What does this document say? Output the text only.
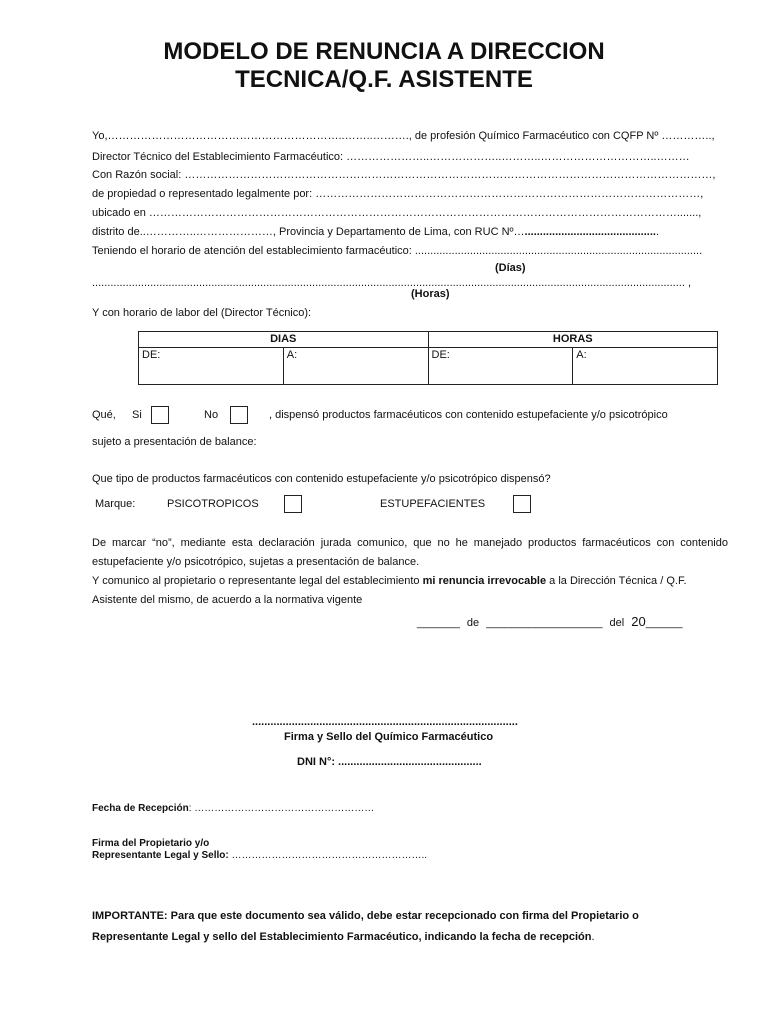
MODELO DE RENUNCIA A DIRECCION
TECNICA/Q.F. ASISTENTE
Yo,………………………………………………………..……..………., de profesión Químico Farmacéutico con CQFP Nº …………..,
Director Técnico del Establecimiento Farmacéutico: …………………..………………..………..…………………………..………
Con Razón social: ………………………………………………………………………………………………………………………………,
de propiedad o representado legalmente por: ……………………………………………………………………………………………,
ubicado en ……………………………………………………………………………………………………………………………….......,
distrito de..…………..…………………, Provincia y Departamento de Lima, con RUC Nº…............................................
Teniendo el horario de atención del establecimiento farmacéutico: ..............................................................................................
(Días)
.................................................................................................................................................................................................. ,
(Horas)
Y con horario de labor del (Director Técnico):
DIAS		HORAS	
DE:	A:	DE:	A:
Qué, Si	No	, dispensó productos farmacéuticos con contenido estupefaciente y/o psicotrópico
sujeto a presentación de balance:
Que tipo de productos farmacéuticos con contenido estupefaciente y/o psicotrópico dispensó?
Marque:	PSICOTROPICOS	ESTUPEFACIENTES
De marcar “no”, mediante esta declaración jurada comunico, que no he manejado productos farmacéuticos con contenido
estupefaciente y/o psicotrópico, sujetas a presentación de balance.
Y comunico al propietario o representante legal del establecimiento mi renuncia irrevocable a la Dirección Técnica / Q.F.
Asistente del mismo, de acuerdo a la normativa vigente
_______ de ___________________ del 20______
.......................................................................................
Firma y Sello del Químico Farmacéutico
DNI N°: ...............................................
Fecha de Recepción: ………………………………………………
Firma del Propietario y/o
Representante Legal y Sello: …………………………………………………..
IMPORTANTE: Para que este documento sea válido, debe estar recepcionado con firma del Propietario o
Representante Legal y sello del Establecimiento Farmacéutico, indicando la fecha de recepción.
